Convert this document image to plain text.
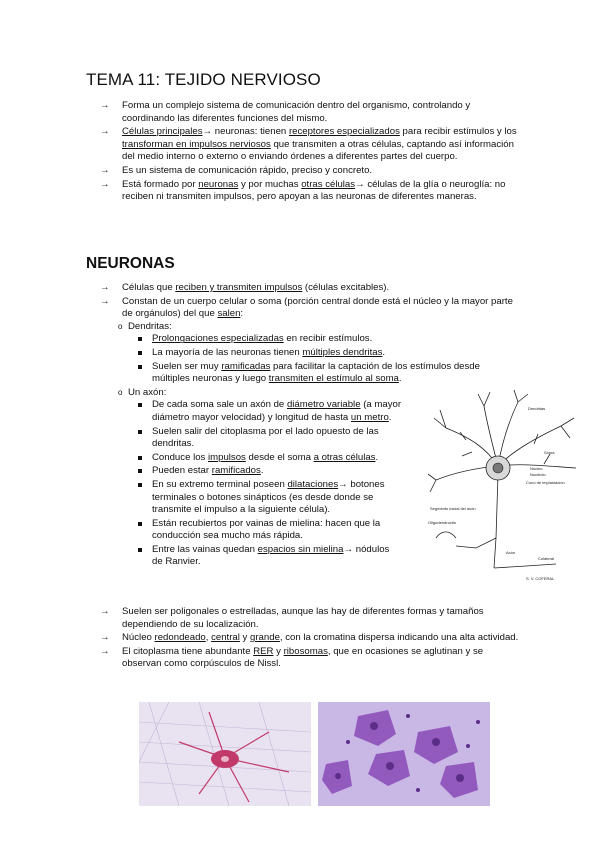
TEMA 11: TEJIDO NERVIOSO
→ Forma un complejo sistema de comunicación dentro del organismo, controlando y coordinando las diferentes funciones del mismo.
→ Células principales→ neuronas: tienen receptores especializados para recibir estímulos y los transforman en impulsos nerviosos que transmiten a otras células, captando así información del medio interno o externo o enviando órdenes a diferentes partes del cuerpo.
→ Es un sistema de comunicación rápido, preciso y concreto.
→ Está formado por neuronas y por muchas otras células→ células de la glía o neuroglía: no reciben ni transmiten impulsos, pero apoyan a las neuronas de diferentes maneras.
NEURONAS
→ Células que reciben y transmiten impulsos (células excitables).
→ Constan de un cuerpo celular o soma (porción central donde está el núcleo y la mayor parte de orgánulos) del que salen:
o Dendritas:
Prolongaciones especializadas en recibir estímulos.
La mayoría de las neuronas tienen múltiples dendritas.
Suelen ser muy ramificadas para facilitar la captación de los estímulos desde múltiples neuronas y luego transmiten el estímulo al soma.
o Un axón:
De cada soma sale un axón de diámetro variable (a mayor diámetro mayor velocidad) y longitud de hasta un metro.
Suelen salir del citoplasma por el lado opuesto de las dendritas.
Conduce los impulsos desde el soma a otras células.
Pueden estar ramificados.
En su extremo terminal poseen dilataciones→ botones terminales o botones sinápticos (es desde donde se transmite el impulso a la siguiente célula).
Están recubiertos por vainas de mielina: hacen que la conducción sea mucho más rápida.
Entre las vainas quedan espacios sin mielina→ nódulos de Ranvier.
→ Suelen ser poligonales o estrelladas, aunque las hay de diferentes formas y tamaños dependiendo de su localización.
→ Núcleo redondeado, central y grande, con la cromatina dispersa indicando una alta actividad.
→ El citoplasma tiene abundante RER y ribosomas, que en ocasiones se aglutinan y se observan como corpúsculos de Nissl.
Dendritas
Soma
Núcleo
Nucléolo
Cono de implantación
Segmento inicial del axón
Oligodendrocito
Axón
Colateral
S. V. COFERAL
